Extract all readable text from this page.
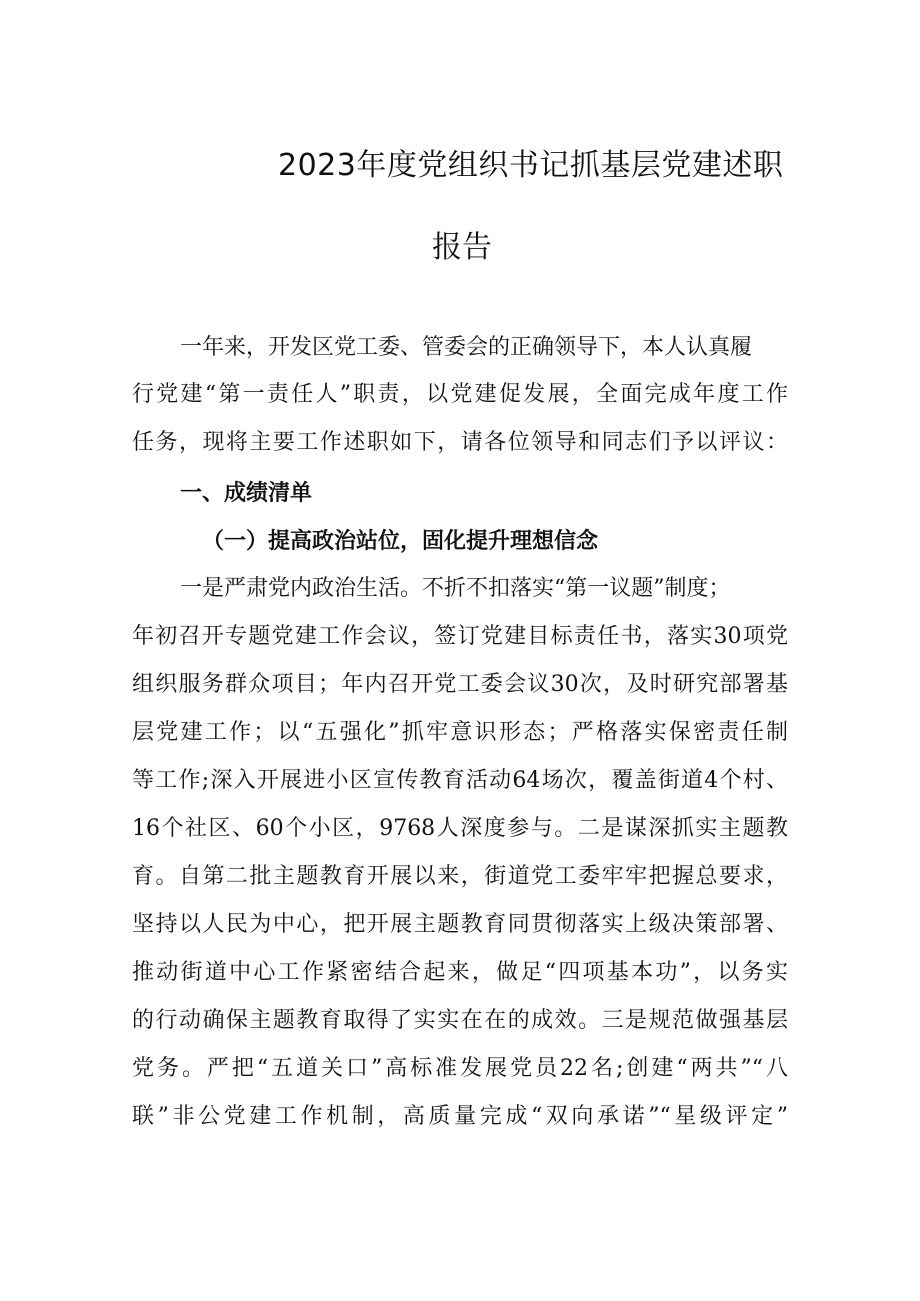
2023年度党组织书记抓基层党建述职
报告
一年来，开发区党工委、管委会的正确领导下，本人认真履
行党建“第一责任人”职责，以党建促发展，全面完成年度工作
任务，现将主要工作述职如下，请各位领导和同志们予以评议：
一、成绩清单
（一）提高政治站位，固化提升理想信念
一是严肃党内政治生活。不折不扣落实“第一议题”制度；
年初召开专题党建工作会议，签订党建目标责任书，落实30项党
组织服务群众项目；年内召开党工委会议30次，及时研究部署基
层党建工作；以“五强化”抓牢意识形态；严格落实保密责任制
等工作;深入开展进小区宣传教育活动64场次，覆盖街道4个村、
16个社区、60个小区，9768人深度参与。二是谋深抓实主题教
育。自第二批主题教育开展以来，街道党工委牢牢把握总要求，
坚持以人民为中心，把开展主题教育同贯彻落实上级决策部署、
推动街道中心工作紧密结合起来，做足“四项基本功”，以务实
的行动确保主题教育取得了实实在在的成效。三是规范做强基层
党务。严把“五道关口”高标准发展党员22名;创建“两共”“八
联”非公党建工作机制，高质量完成“双向承诺”“星级评定”
